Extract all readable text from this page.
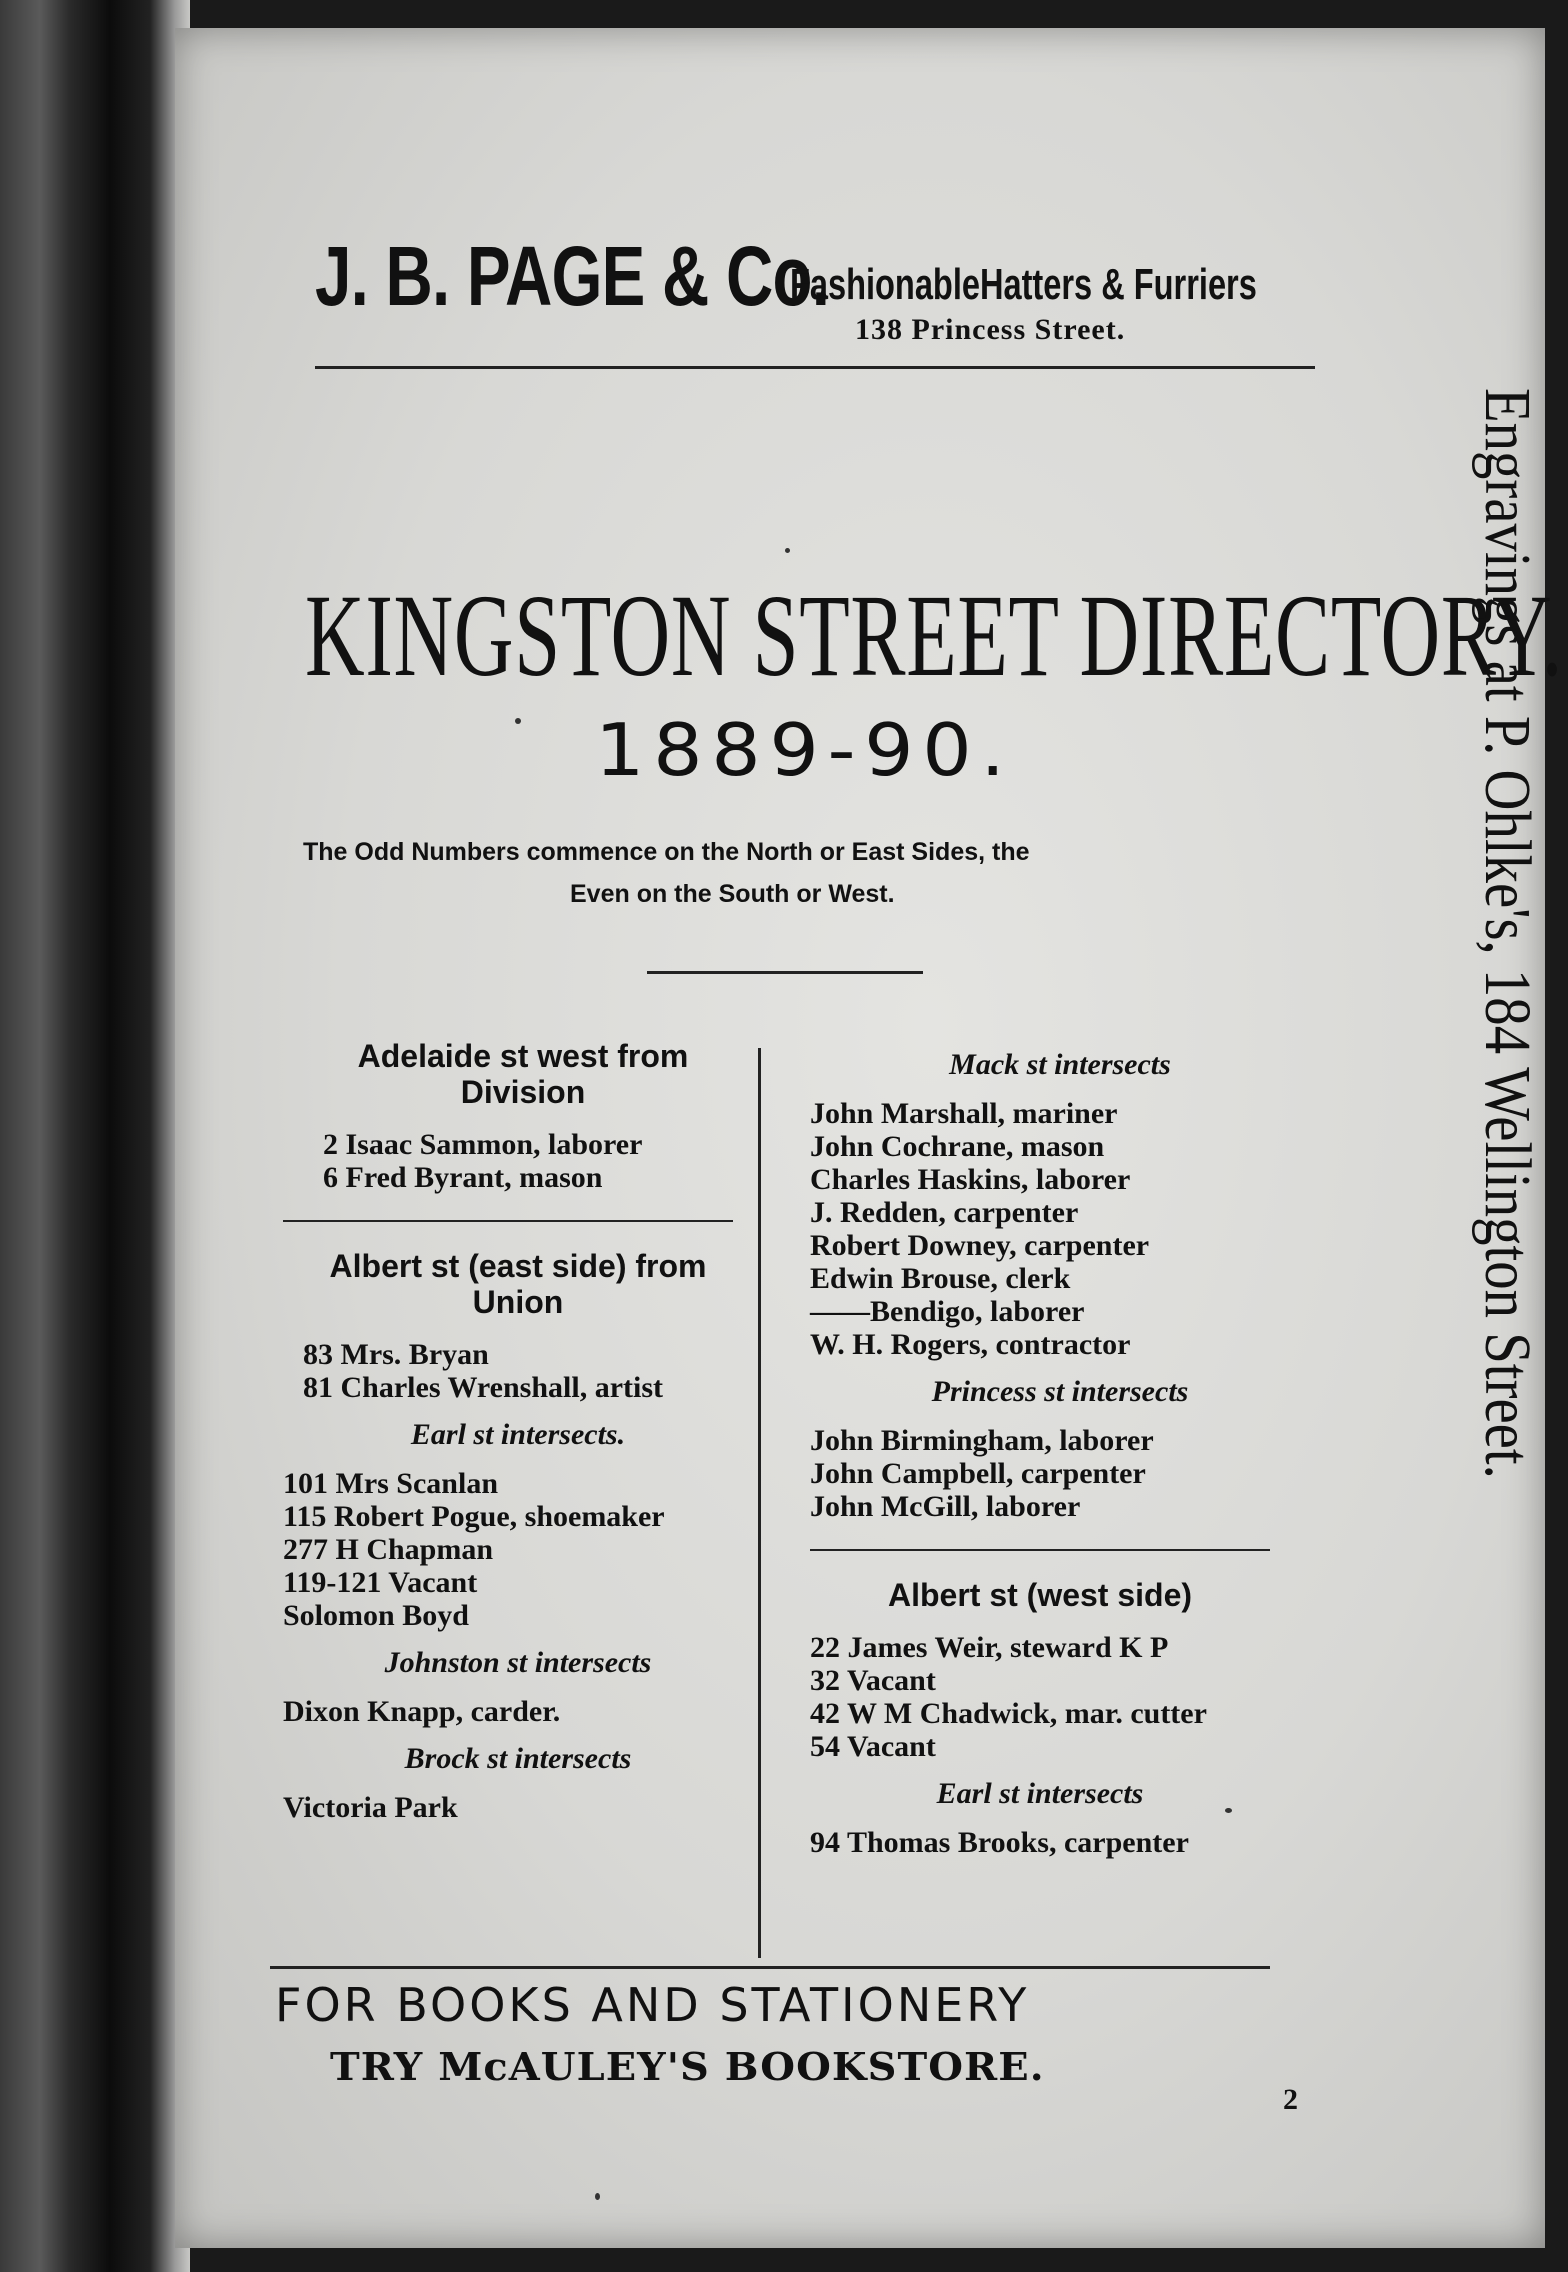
J. B. PAGE & Co.
FashionableHatters & Furriers
138 Princess Street.
KINGSTON STREET DIRECTORY.
1889-90.
The Odd Numbers commence on the North or East Sides, the
Even on the South or West.	Engravings at P. Ohlke's, 184 Wellington Street.
Adelaide st west from Division
2 Isaac Sammon, laborer
6 Fred Byrant, mason
Albert st (east side) from Union
83 Mrs. Bryan
81 Charles Wrenshall, artist
Earl st intersects.
101 Mrs Scanlan
115 Robert Pogue, shoemaker
277 H Chapman
119-121 Vacant
Solomon Boyd
Johnston st intersects
Dixon Knapp, carder.
Brock st intersects
Victoria Park
Mack st intersects
John Marshall, mariner
John Cochrane, mason
Charles Haskins, laborer
J. Redden, carpenter
Robert Downey, carpenter
Edwin Brouse, clerk
——Bendigo, laborer
W. H. Rogers, contractor
Princess st intersects
John Birmingham, laborer
John Campbell, carpenter
John McGill, laborer
Albert st (west side)
22 James Weir, steward K P
32 Vacant
42 W M Chadwick, mar. cutter
54 Vacant
Earl st intersects
94 Thomas Brooks, carpenter
FOR BOOKS AND STATIONERY
TRY McAULEY'S BOOKSTORE.
2
